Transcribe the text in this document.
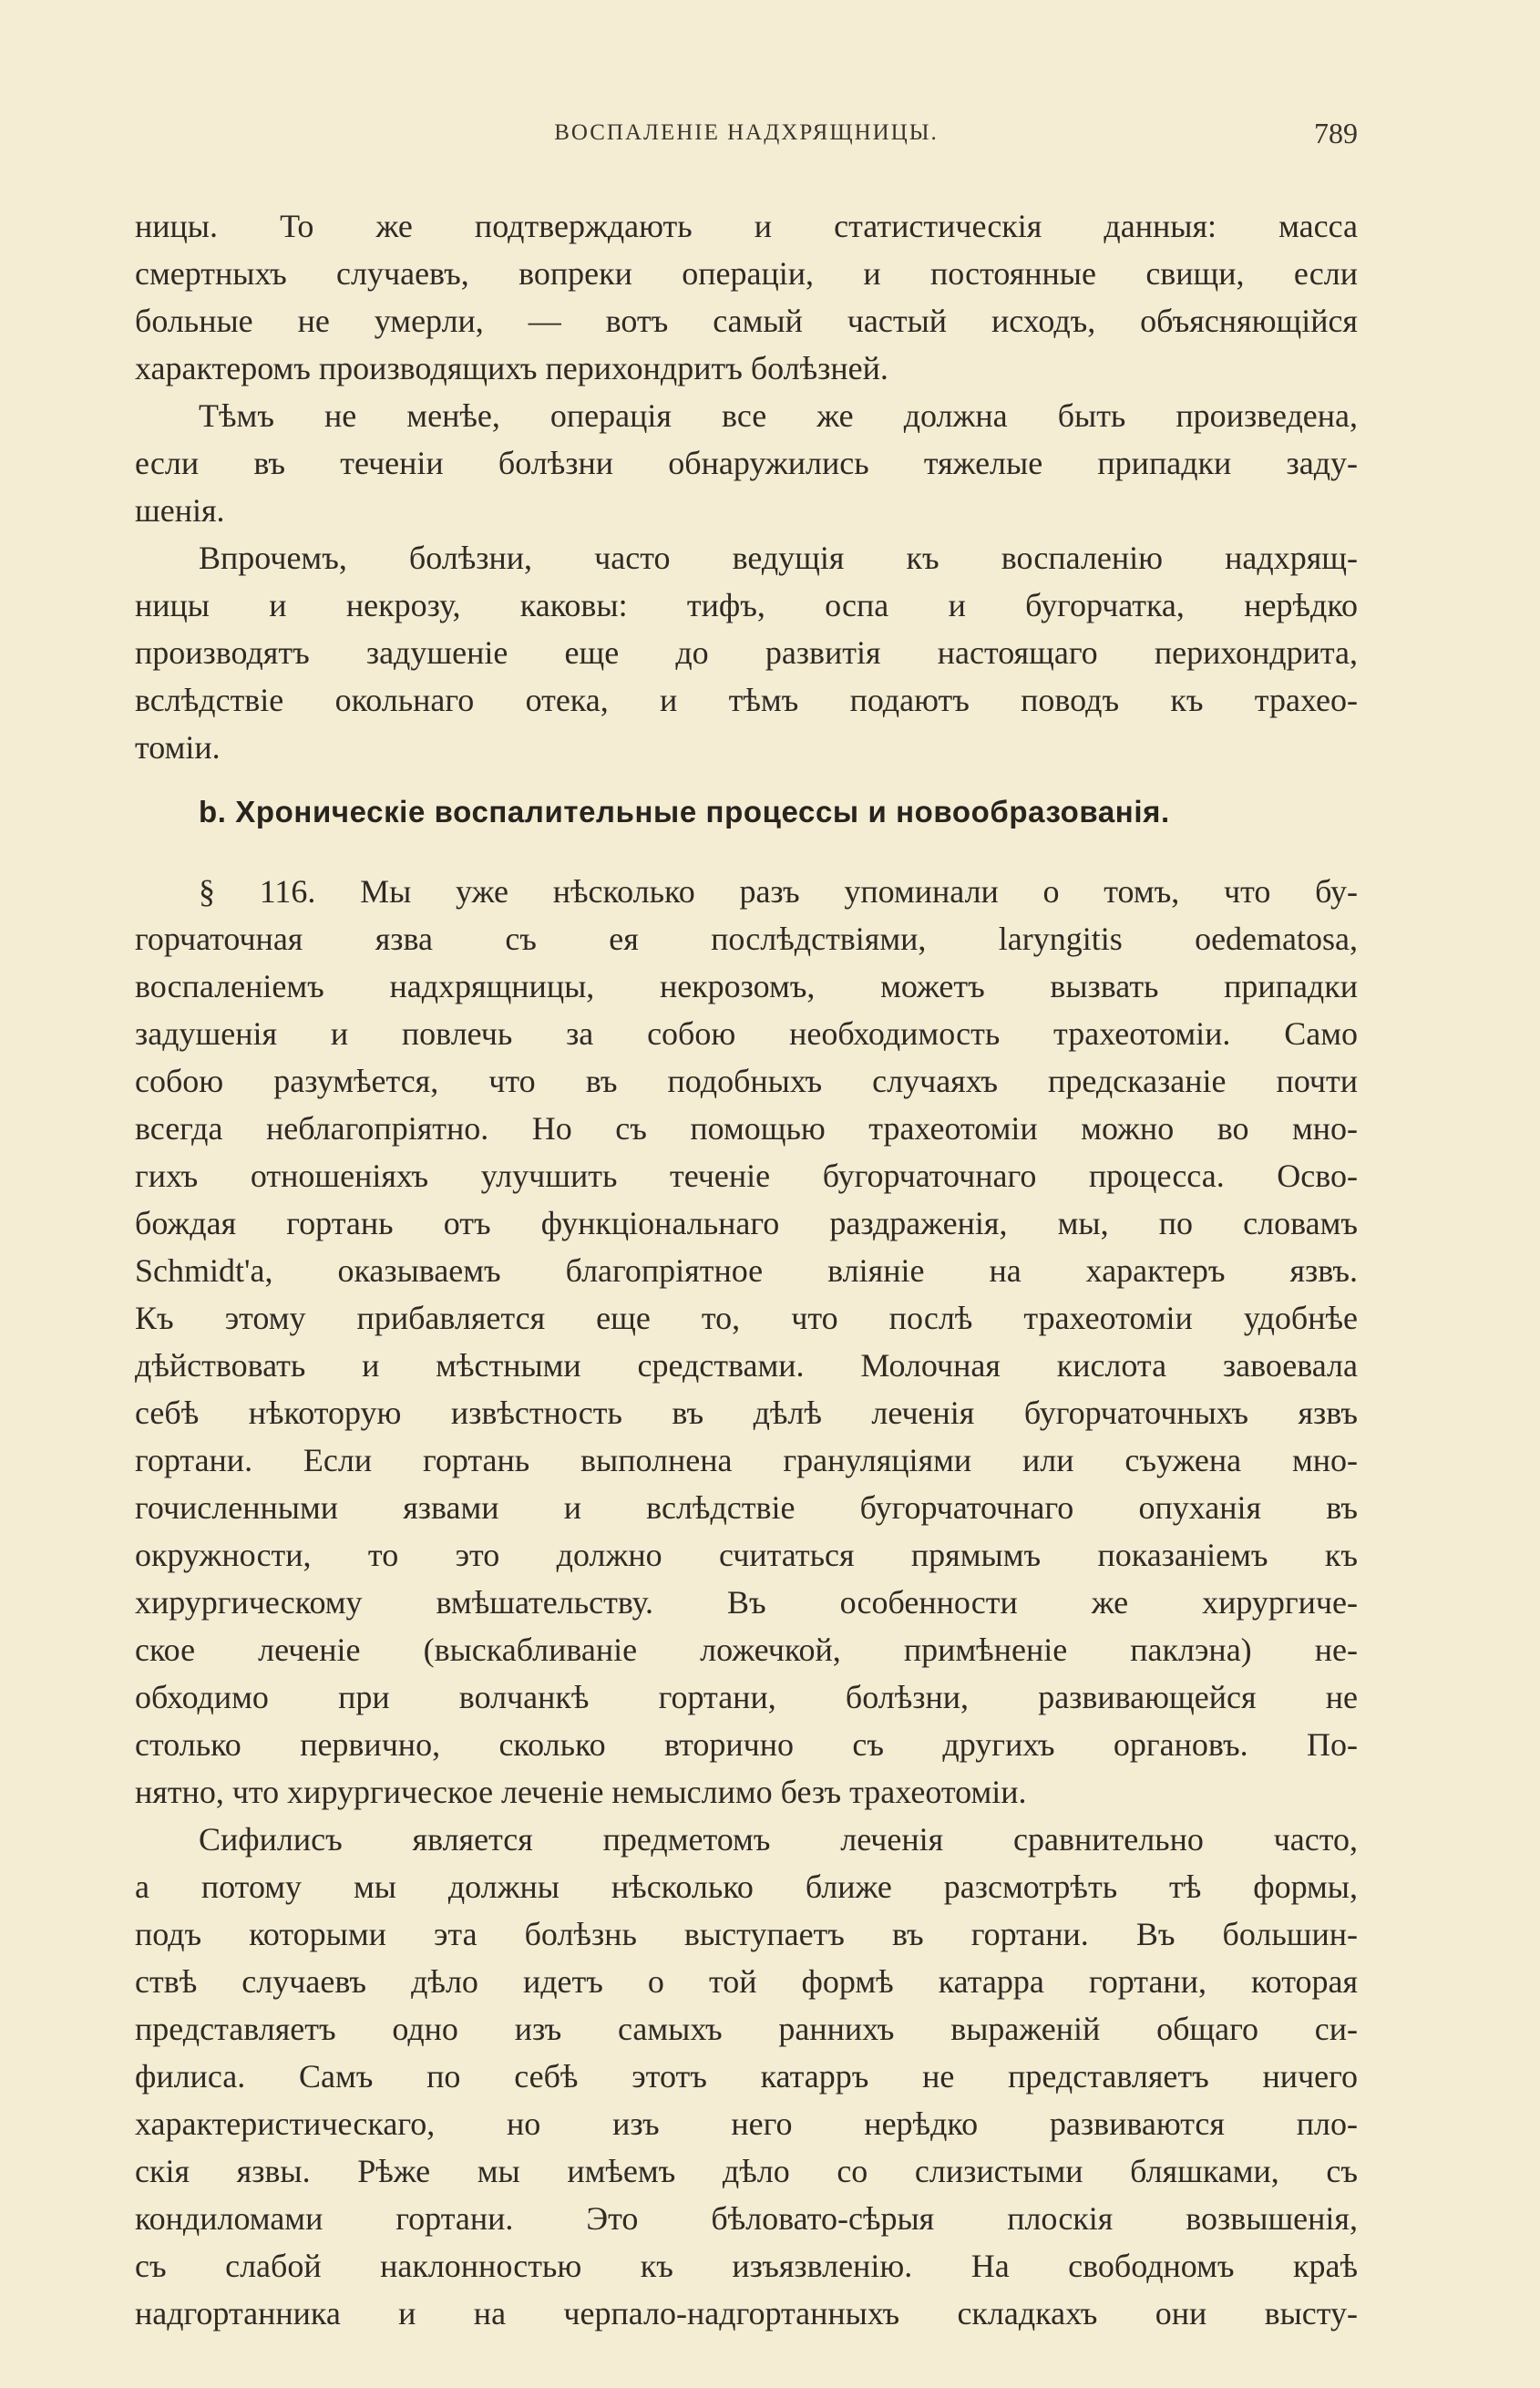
ВОСПАЛЕНІЕ НАДХРЯЩНИЦЫ.	789
ницы. То же подтверждають и статистическія данныя: масса
смертныхъ случаевъ, вопреки операціи, и постоянные свищи, если
больные не умерли, — вотъ самый частый исходъ, объясняющійся
характеромъ производящихъ перихондритъ болѣзней.
Тѣмъ не менѣе, операція все же должна быть произведена,
если въ теченіи болѣзни обнаружились тяжелые припадки задy-
шенія.
Впрочемъ, болѣзни, часто ведущія къ воспаленію надхрящ-
ницы и некрозу, каковы: тифъ, оспа и бугорчатка, нерѣдко
производятъ задушеніе еще до развитія настоящаго перихондрита,
вслѣдствіе окольнаго отека, и тѣмъ подаютъ поводъ къ трахео-
томіи.
b. Хроническіе воспалительные процессы и новообразованія.
§ 116. Мы уже нѣсколько разъ упоминали о томъ, что бу-
горчаточная язва съ ея послѣдствіями, laryngitis oedematosa,
воспаленіемъ надхрящницы, некрозомъ, можетъ вызвать припадки
задушенія и повлечь за собою необходимость трахеотоміи. Само
собою разумѣется, что въ подобныхъ случаяхъ предсказаніе почти
всегда неблагопріятно. Но съ помощью трахеотоміи можно во мно-
гихъ отношеніяхъ улучшить теченіе бугорчаточнаго процесса. Осво-
бождая гортань отъ функціональнаго раздраженія, мы, по словамъ
Schmidt'а, оказываемъ благопріятное вліяніе на характеръ язвъ.
Къ этому прибавляется еще то, что послѣ трахеотоміи удобнѣе
дѣйствовать и мѣстными средствами. Молочная кислота завоевала
себѣ нѣкоторую извѣстность въ дѣлѣ леченія бугорчаточныхъ язвъ
гортани. Если гортань выполнена грануляціями или съужена мно-
гочисленными язвами и вслѣдствіе бугорчаточнаго опуханія въ
окружности, то это должно считаться прямымъ показаніемъ къ
хирургическому вмѣшательству. Въ особенности же хирургиче-
ское леченіе (выскабливаніе ложечкой, примѣненіе паклэна) не-
обходимо при волчанкѣ гортани, болѣзни, развивающейся не
столько первично, сколько вторично съ другихъ органовъ. По-
нятно, что хирургическое леченіе немыслимо безъ трахеотоміи.
Сифилисъ является предметомъ леченія сравнительно часто,
а потому мы должны нѣсколько ближе разсмотрѣть тѣ формы,
подъ которыми эта болѣзнь выступаетъ въ гортани. Въ большин-
ствѣ случаевъ дѣло идетъ о той формѣ катарра гортани, которая
представляетъ одно изъ самыхъ раннихъ выраженій общаго си-
филиса. Самъ по себѣ этотъ катарръ не представляетъ ничего
характеристическаго, но изъ него нерѣдко развиваются пло-
скія язвы. Рѣже мы имѣемъ дѣло со слизистыми бляшками, съ
кондиломами гортани. Это бѣловато-сѣрыя плоскія возвышенія,
съ слабой наклонностью къ изъязвленію. На свободномъ краѣ
надгортанника и на черпало-надгортанныхъ складкахъ они высту-
